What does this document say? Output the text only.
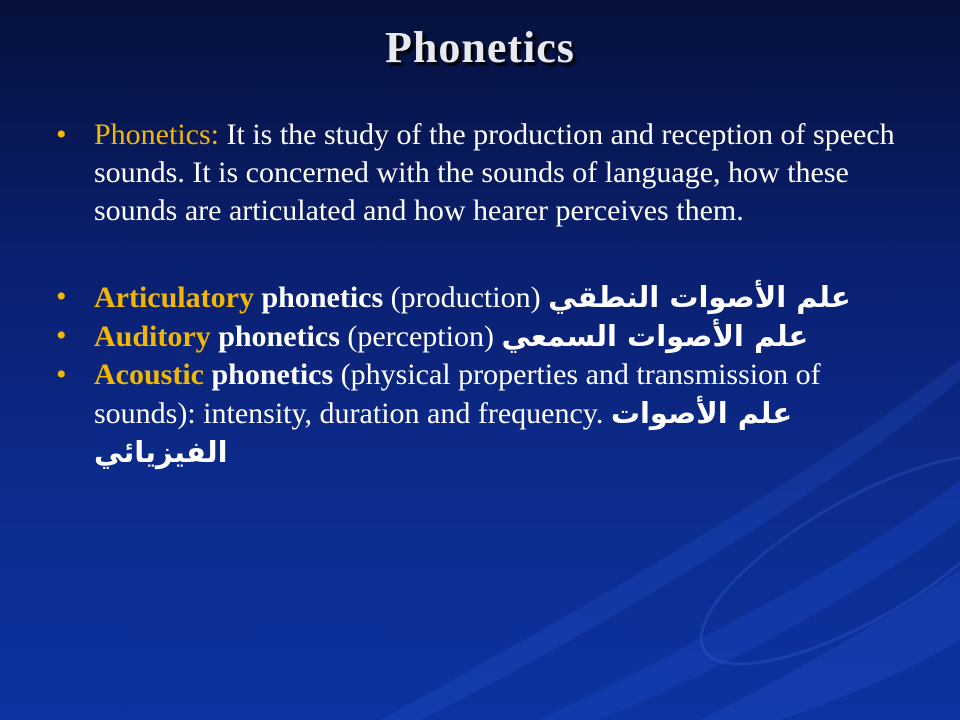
Phonetics

• Phonetics: It is the study of the production and reception of speech sounds. It is concerned with the sounds of language, how these sounds are articulated and how hearer perceives them.

• Articulatory phonetics (production) علم الأصوات النطقي

• Auditory phonetics (perception) علم الأصوات السمعي

• Acoustic phonetics (physical properties and transmission of sounds): intensity, duration and frequency. علم الأصوات الفيزيائي
